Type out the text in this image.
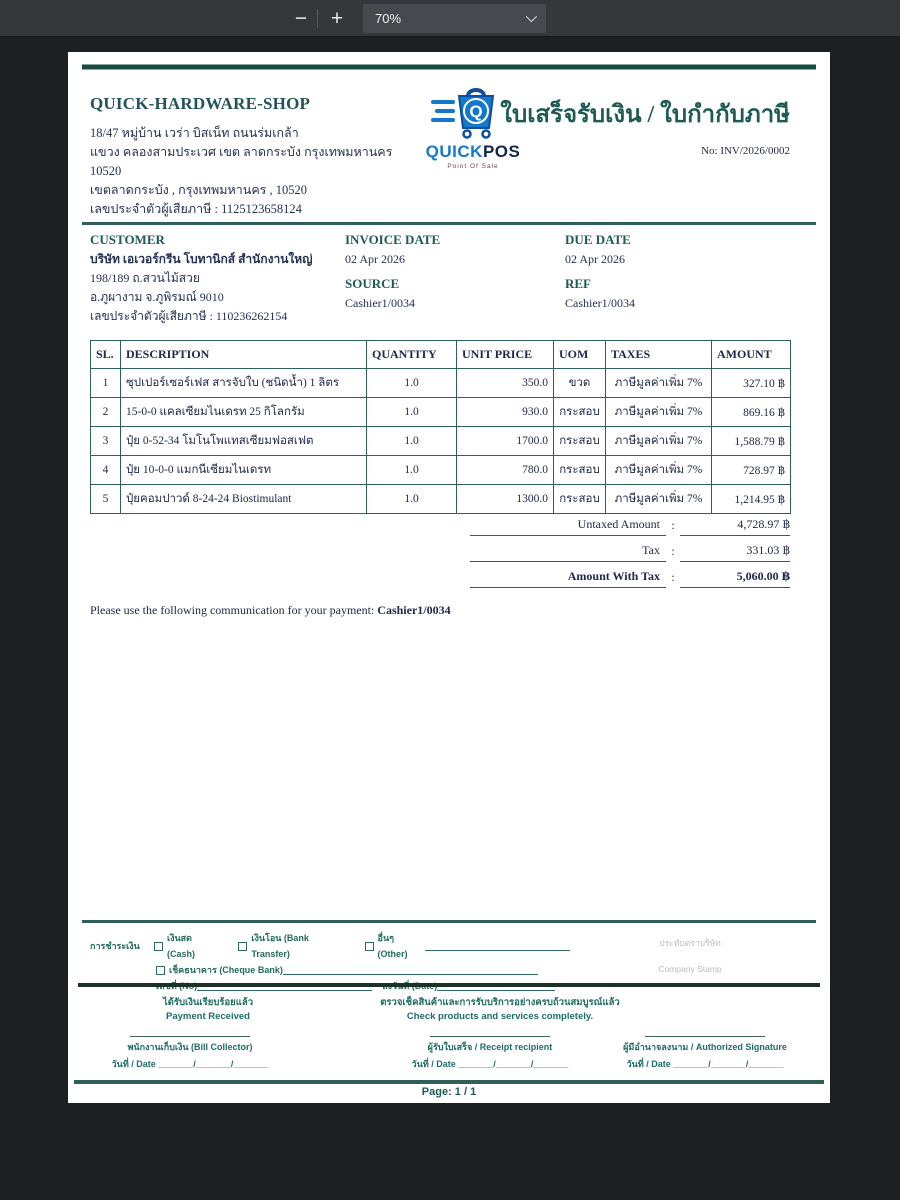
−	+	70%
QUICK-HARDWARE-SHOP
18/47 หมู่บ้าน เวร่า บิสเน็ท ถนนร่มเกล้า
แขวง คลองสามประเวศ เขต ลาดกระบัง กรุงเทพมหานคร 10520
เขตลาดกระบัง , กรุงเทพมหานคร , 10520
เลขประจำตัวผู้เสียภาษี : 1125123658124
Q
QUICKPOS
Point Of Sale
ใบเสร็จรับเงิน / ใบกำกับภาษี
No: INV/2026/0002
CUSTOMER
บริษัท เอเวอร์กรีน โบทานิกส์ สำนักงานใหญ่
198/189 ถ.สวนไม้สวย
อ.ภูผางาม จ.ภูพิรมณ์ 9010
เลขประจำตัวผู้เสียภาษี : 110236262154
INVOICE DATE
02 Apr 2026
SOURCE
Cashier1/0034
DUE DATE
02 Apr 2026
REF
Cashier1/0034
SL.	DESCRIPTION	QUANTITY	UNIT PRICE	UOM	TAXES	AMOUNT
1	ซุปเปอร์เซอร์เฟส สารจับใบ (ชนิดน้ำ) 1 ลิตร	1.0	350.0	ขวด	ภาษีมูลค่าเพิ่ม 7%	327.10 ฿
2	15-0-0 แคลเซียมไนเดรท 25 กิโลกรัม	1.0	930.0	กระสอบ	ภาษีมูลค่าเพิ่ม 7%	869.16 ฿
3	ปุ๋ย 0-52-34 โมโนโพแทสเซียมฟอสเฟต	1.0	1700.0	กระสอบ	ภาษีมูลค่าเพิ่ม 7%	1,588.79 ฿
4	ปุ๋ย 10-0-0 แมกนีเซียมไนเดรท	1.0	780.0	กระสอบ	ภาษีมูลค่าเพิ่ม 7%	728.97 ฿
5	ปุ๋ยคอมปาวด์ 8-24-24 Biostimulant	1.0	1300.0	กระสอบ	ภาษีมูลค่าเพิ่ม 7%	1,214.95 ฿
Untaxed Amount :	4,728.97 ฿
Tax :	331.03 ฿
Amount With Tax :	5,060.00 ฿
Please use the following communication for your payment: Cashier1/0034
การชำระเงิน
เงินสด (Cash)
เงินโอน (Bank Transfer)
อื่นๆ (Other)
เช็คธนาคาร (Cheque Bank)
ประทับตราบริษัท
Company Stamp
ได้รับเงินเรียบร้อยแล้ว
Payment Received
ตรวจเช็คสินค้าและการรับบริการอย่างครบถ้วนสมบูรณ์แล้ว
Check products and services completely.
พนักงานเก็บเงิน (Bill Collector)
วันที่ / Date _______/_______/_______
ผู้รับใบเสร็จ / Receipt recipient
วันที่ / Date _______/_______/_______
ผู้มีอำนาจลงนาม / Authorized Signature
วันที่ / Date _______/_______/_______
Page: 1 / 1
